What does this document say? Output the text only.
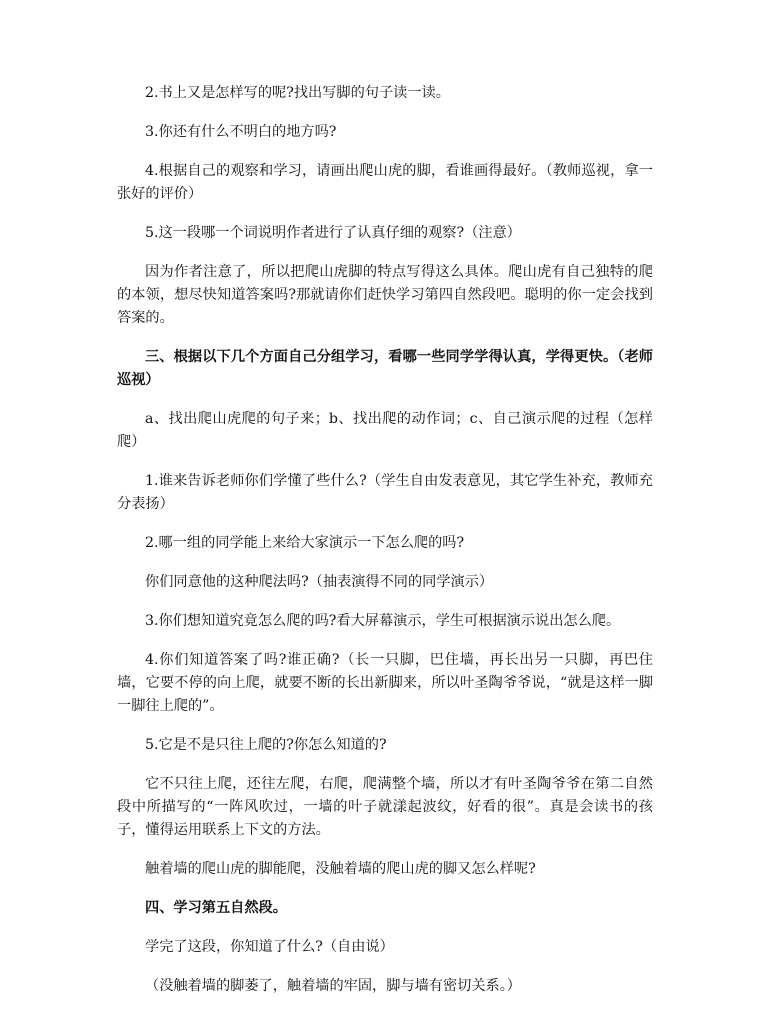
2.书上又是怎样写的呢?找出写脚的句子读一读。

3.你还有什么不明白的地方吗?

4.根据自己的观察和学习，请画出爬山虎的脚，看谁画得最好。（教师巡视，拿一张好的评价）

5.这一段哪一个词说明作者进行了认真仔细的观察?（注意）

因为作者注意了，所以把爬山虎脚的特点写得这么具体。爬山虎有自己独特的爬的本领，想尽快知道答案吗?那就请你们赶快学习第四自然段吧。聪明的你一定会找到答案的。

三、根据以下几个方面自己分组学习，看哪一些同学学得认真，学得更快。（老师巡视）

a、找出爬山虎爬的句子来；b、找出爬的动作词；c、自己演示爬的过程（怎样爬）

1.谁来告诉老师你们学懂了些什么?（学生自由发表意见，其它学生补充，教师充分表扬）

2.哪一组的同学能上来给大家演示一下怎么爬的吗?

你们同意他的这种爬法吗?（抽表演得不同的同学演示）

3.你们想知道究竟怎么爬的吗?看大屏幕演示，学生可根据演示说出怎么爬。

4.你们知道答案了吗?谁正确?（长一只脚，巴住墙，再长出另一只脚，再巴住墙，它要不停的向上爬，就要不断的长出新脚来，所以叶圣陶爷爷说，“就是这样一脚一脚往上爬的”。

5.它是不是只往上爬的?你怎么知道的?

它不只往上爬，还往左爬，右爬，爬满整个墙，所以才有叶圣陶爷爷在第二自然段中所描写的“一阵风吹过，一墙的叶子就漾起波纹，好看的很”。真是会读书的孩子，懂得运用联系上下文的方法。

触着墙的爬山虎的脚能爬，没触着墙的爬山虎的脚又怎么样呢?

四、学习第五自然段。

学完了这段，你知道了什么?（自由说）

（没触着墙的脚萎了，触着墙的牢固，脚与墙有密切关系。）
